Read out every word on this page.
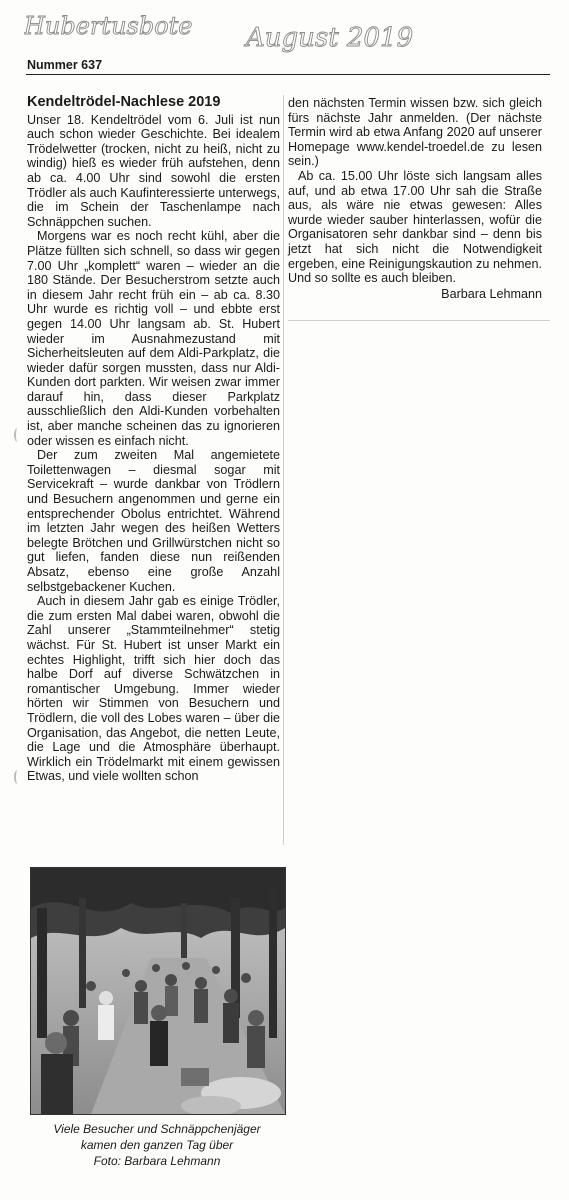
Hubertusbote August 2019
Nummer 637
Kendeltrödel-Nachlese 2019

Unser 18. Kendeltrödel vom 6. Juli ist nun auch schon wieder Geschichte. Bei idealem Trödelwetter (trocken, nicht zu heiß, nicht zu windig) hieß es wieder früh aufstehen, denn ab ca. 4.00 Uhr sind sowohl die ersten Trödler als auch Kaufinteressierte unterwegs, die im Schein der Taschenlampe nach Schnäppchen suchen.

Morgens war es noch recht kühl, aber die Plätze füllten sich schnell, so dass wir gegen 7.00 Uhr „komplett“ waren – wieder an die 180 Stände. Der Besucherstrom setzte auch in diesem Jahr recht früh ein – ab ca. 8.30 Uhr wurde es richtig voll – und ebbte erst gegen 14.00 Uhr langsam ab. St. Hubert wieder im Ausnahmezustand mit Sicherheitsleuten auf dem Aldi-Parkplatz, die wieder dafür sorgen mussten, dass nur Aldi-Kunden dort parkten. Wir weisen zwar immer darauf hin, dass dieser Parkplatz ausschließlich den Aldi-Kunden vorbehalten ist, aber manche scheinen das zu ignorieren oder wissen es einfach nicht.

Der zum zweiten Mal angemietete Toilettenwagen – diesmal sogar mit Servicekraft – wurde dankbar von Trödlern und Besuchern angenommen und gerne ein entsprechender Obolus entrichtet. Während im letzten Jahr wegen des heißen Wetters belegte Brötchen und Grillwürstchen nicht so gut liefen, fanden diese nun reißenden Absatz, ebenso eine große Anzahl selbstgebackener Kuchen.

Auch in diesem Jahr gab es einige Trödler, die zum ersten Mal dabei waren, obwohl die Zahl unserer „Stammteilnehmer“ stetig wächst. Für St. Hubert ist unser Markt ein echtes Highlight, trifft sich hier doch das halbe Dorf auf diverse Schwätzchen in romantischer Umgebung. Immer wieder hörten wir Stimmen von Besuchern und Trödlern, die voll des Lobes waren – über die Organisation, das Angebot, die netten Leute, die Lage und die Atmosphäre überhaupt. Wirklich ein Trödelmarkt mit einem gewissen Etwas, und viele wollten schon

den nächsten Termin wissen bzw. sich gleich fürs nächste Jahr anmelden. (Der nächste Termin wird ab etwa Anfang 2020 auf unserer Homepage www.kendel-troedel.de zu lesen sein.)

Ab ca. 15.00 Uhr löste sich langsam alles auf, und ab etwa 17.00 Uhr sah die Straße aus, als wäre nie etwas gewesen: Alles wurde wieder sauber hinterlassen, wofür die Organisatoren sehr dankbar sind – denn bis jetzt hat sich nicht die Notwendigkeit ergeben, eine Reinigungskaution zu nehmen. Und so sollte es auch bleiben.

Barbara Lehmann
Viele Besucher und Schnäppchenjäger
kamen den ganzen Tag über
Foto: Barbara Lehmann
